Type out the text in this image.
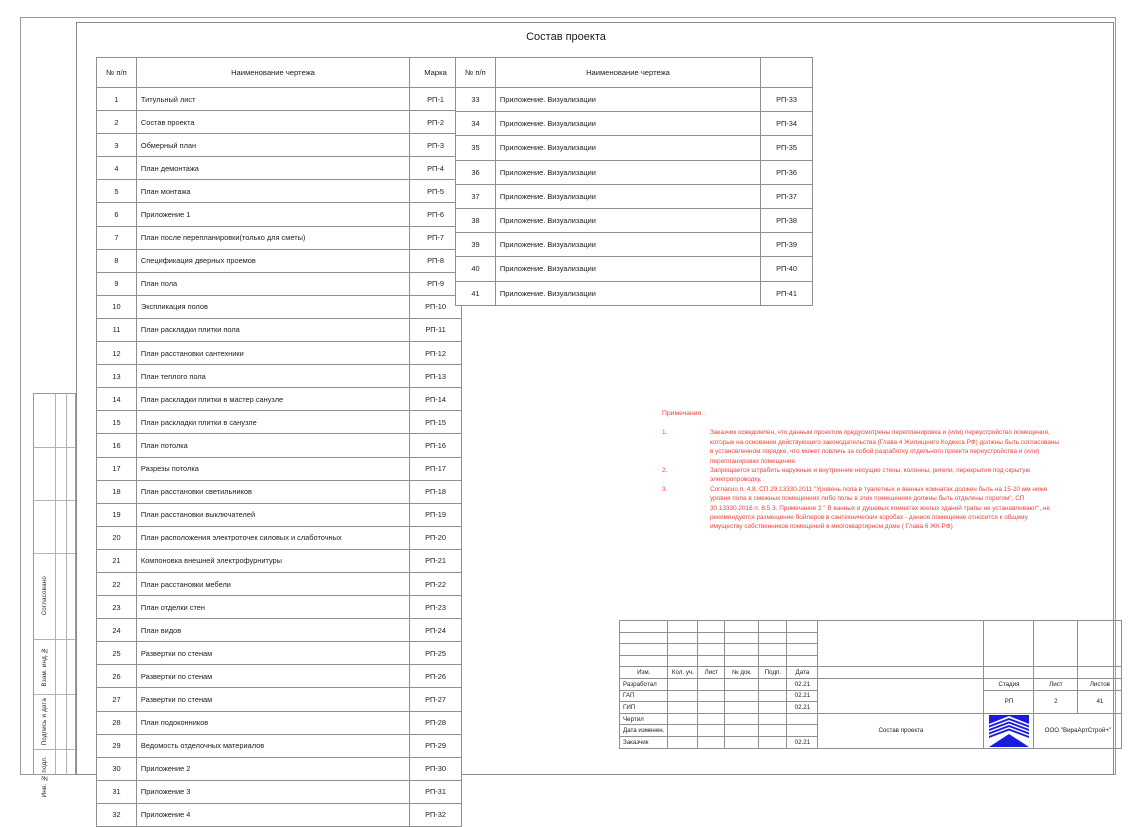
Согласовано
Взам. инд.№
Подпись и дата
Инв. № подл.
Состав проекта
№ п/п	Наименование чертежа	Марка
1	Титульный лист	РП-1
2	Состав проекта	РП-2
3	Обмерный план	РП-3
4	План демонтажа	РП-4
5	План монтажа	РП-5
6	Приложение 1	РП-6
7	План после перепланировки(только для сметы)	РП-7
8	Спецификация дверных проемов	РП-8
9	План пола	РП-9
10	Экспликация полов	РП-10
11	План раскладки плитки пола	РП-11
12	План расстановки сантехники	РП-12
13	План теплого пола	РП-13
14	План раскладки плитки в мастер санузле	РП-14
15	План раскладки плитки в санузле	РП-15
16	План потолка	РП-16
17	Разрезы потолка	РП-17
18	План расстановки светильников	РП-18
19	План расстановки выключателей	РП-19
20	План расположения электроточек силовых и слаботочных	РП-20
21	Компоновка внешней электрофурнитуры	РП-21
22	План расстановки мебели	РП-22
23	План отделки стен	РП-23
24	План видов	РП-24
25	Развертки по стенам	РП-25
26	Развертки по стенам	РП-26
27	Развертки по стенам	РП-27
28	План подоконников	РП-28
29	Ведомость отделочных материалов	РП-29
30	Приложение 2	РП-30
31	Приложение 3	РП-31
32	Приложение 4	РП-32
№ п/п	Наименование чертежа	
33	Приложение. Визуализации	РП-33
34	Приложение. Визуализации	РП-34
35	Приложение. Визуализации	РП-35
36	Приложение. Визуализации	РП-36
37	Приложение. Визуализации	РП-37
38	Приложение. Визуализации	РП-38
39	Приложение. Визуализации	РП-39
40	Приложение. Визуализации	РП-40
41	Приложение. Визуализации	РП-41
Примечания :
1.	Заказчик осведомлен, что данным проектом предусмотрены перепланировка и (или) переустройство помещения, которые на основании действующего законодательства (Глава 4 Жилищного Кодекса РФ) должны быть согласованы в установленном порядке, что может повлечь за собой разработку отдельного проекта переустройства и (или) перепланировки помещения.
2.	Запрещается штрабить наружные и внутренние несущие стены, колонны, ригели, перекрытия под скрытую электропроводку.
3.	Согласно п. 4.8. СП 29.13330.2011 "Уровень пола в туалетных и ванных комнатах должен быть на 15-20 мм ниже уровня пола в смежных помещениях либо полы в этих помещениях должны быть отделены порогом", СП 30.13330.2016 п. 8.5.3. Примечание 2 " В ванных и душевых комнатах жилых зданий трапы не устанавливают", не рекомендуется размещение бойлеров в сантехнических коробах - данное помещение относится к общему имуществу собственников помещений в многоквартирном доме ( Глава 6 ЖК РФ)

Изм.	Кол. уч.	Лист	№ док.	Подп.	Дата				
Разработал					02.21		Стадия	Лист	Листов
ГАП					02.21		РП	2	41
ГИП					02.21				
Чертил						Состав проекта		ООО "ВираАртСтрой+"	
Дата изменен.									
Заказчик					02.21				
